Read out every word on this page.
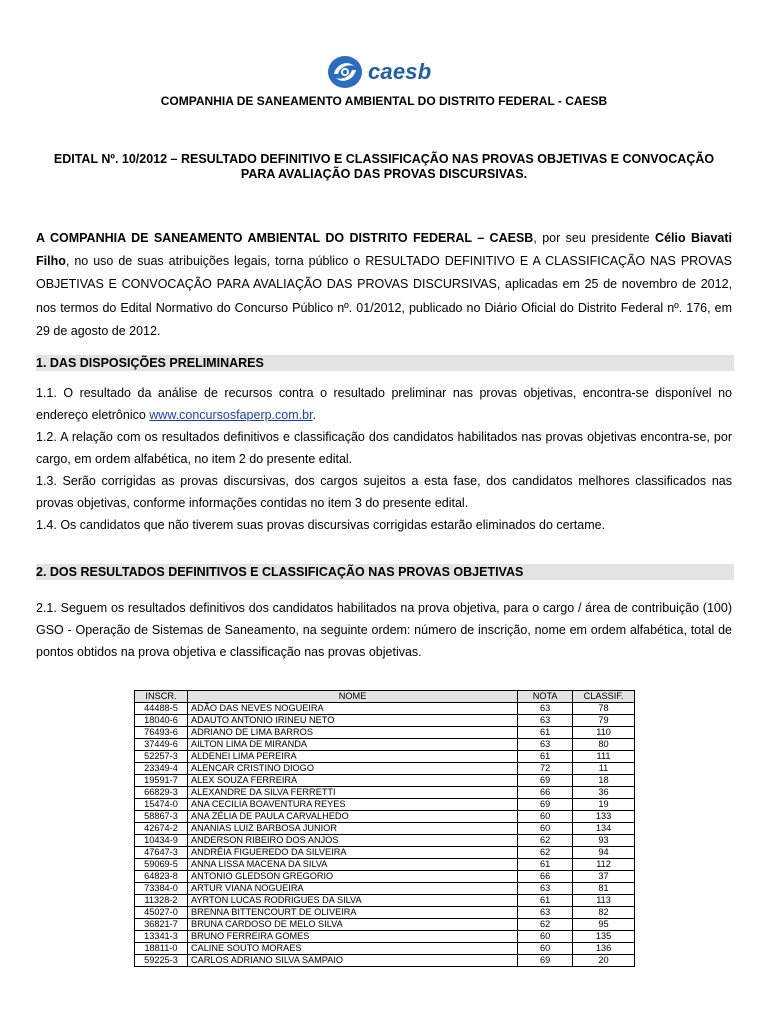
caesb
COMPANHIA DE SANEAMENTO AMBIENTAL DO DISTRITO FEDERAL - CAESB
EDITAL Nº. 10/2012 – RESULTADO DEFINITIVO E CLASSIFICAÇÃO NAS PROVAS OBJETIVAS E CONVOCAÇÃO
PARA AVALIAÇÃO DAS PROVAS DISCURSIVAS.
A COMPANHIA DE SANEAMENTO AMBIENTAL DO DISTRITO FEDERAL – CAESB, por seu presidente Célio Biavati Filho, no uso de suas atribuições legais, torna público o RESULTADO DEFINITIVO E A CLASSIFICAÇÃO NAS PROVAS OBJETIVAS E CONVOCAÇÃO PARA AVALIAÇÃO DAS PROVAS DISCURSIVAS, aplicadas em 25 de novembro de 2012, nos termos do Edital Normativo do Concurso Público nº. 01/2012, publicado no Diário Oficial do Distrito Federal nº. 176, em 29 de agosto de 2012.
1. DAS DISPOSIÇÕES PRELIMINARES
1.1. O resultado da análise de recursos contra o resultado preliminar nas provas objetivas, encontra-se disponível no endereço eletrônico www.concursosfaperp.com.br.
1.2. A relação com os resultados definitivos e classificação dos candidatos habilitados nas provas objetivas encontra-se, por cargo, em ordem alfabética, no item 2 do presente edital.
1.3. Serão corrigidas as provas discursivas, dos cargos sujeitos a esta fase, dos candidatos melhores classificados nas provas objetivas, conforme informações contidas no item 3 do presente edital.
1.4. Os candidatos que não tiverem suas provas discursivas corrigidas estarão eliminados do certame.
2. DOS RESULTADOS DEFINITIVOS E CLASSIFICAÇÃO NAS PROVAS OBJETIVAS
2.1. Seguem os resultados definitivos dos candidatos habilitados na prova objetiva, para o cargo / área de contribuição (100) GSO - Operação de Sistemas de Saneamento, na seguinte ordem: número de inscrição, nome em ordem alfabética, total de pontos obtidos na prova objetiva e classificação nas provas objetivas.
INSCR.	NOME	NOTA	CLASSIF.
44488-5	ADÃO DAS NEVES NOGUEIRA	63	78
18040-6	ADAUTO ANTONIO IRINEU NETO	63	79
76493-6	ADRIANO DE LIMA BARROS	61	110
37449-6	AILTON LIMA DE MIRANDA	63	80
52257-3	ALDENEI LIMA PEREIRA	61	111
23349-4	ALENCAR CRISTINO DIOGO	72	11
19591-7	ALEX SOUZA FERREIRA	69	18
66829-3	ALEXANDRE DA SILVA FERRETTI	66	36
15474-0	ANA CECILIA BOAVENTURA REYES	69	19
58867-3	ANA ZÉLIA DE PAULA CARVALHEDO	60	133
42674-2	ANANIAS LUIZ BARBOSA JUNIOR	60	134
10434-9	ANDERSON RIBEIRO DOS ANJOS	62	93
47647-3	ANDRÉIA FIGUEREDO DA SILVEIRA	62	94
59069-5	ANNA LISSA MACENA DA SILVA	61	112
64823-8	ANTONIO GLEDSON GREGORIO	66	37
73384-0	ARTUR VIANA NOGUEIRA	63	81
11328-2	AYRTON LUCAS RODRIGUES DA SILVA	61	113
45027-0	BRENNA BITTENCOURT DE OLIVEIRA	63	82
36821-7	BRUNA CARDOSO DE MELO SILVA	62	95
13341-3	BRUNO FERREIRA GOMES	60	135
18811-0	CALINE SOUTO MORAES	60	136
59225-3	CARLOS ADRIANO SILVA SAMPAIO	69	20
